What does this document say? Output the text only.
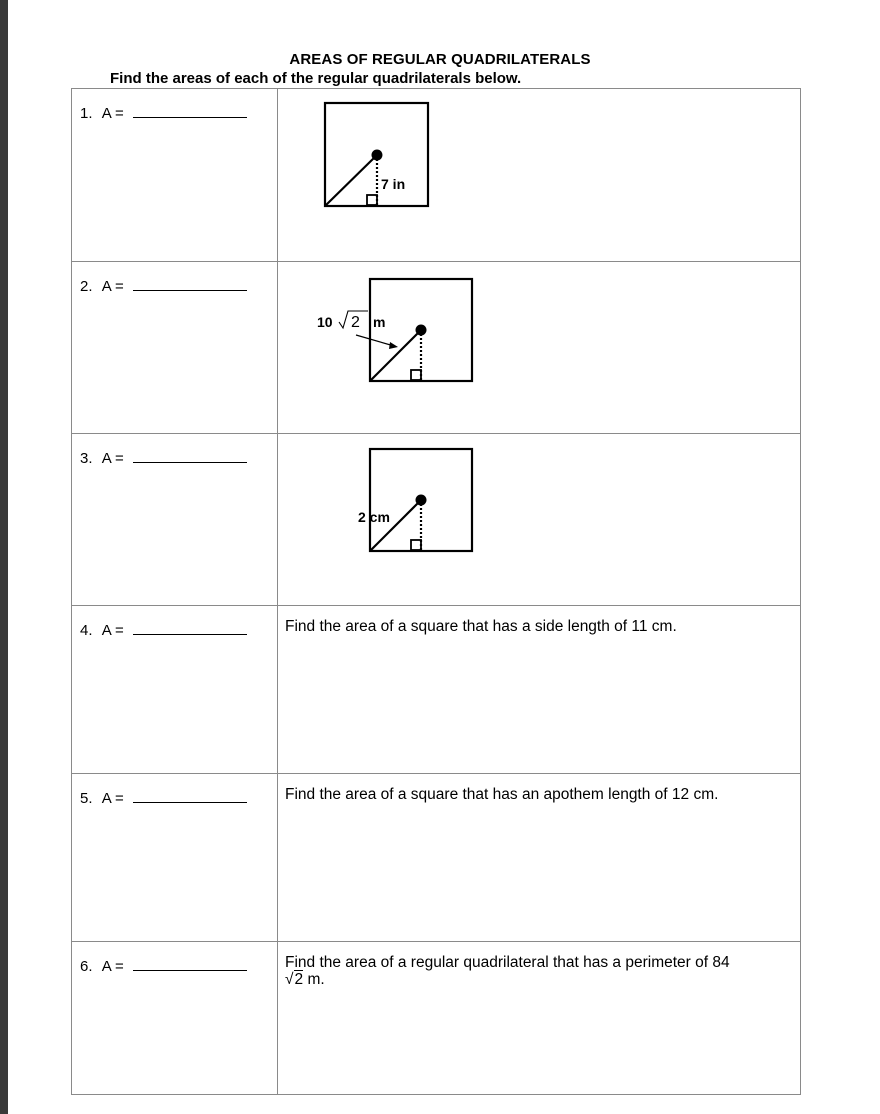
AREAS OF REGULAR QUADRILATERALS
Find the areas of each of the regular quadrilaterals below.
1. A =	7 in

2. A =	10 2 m

3. A =	2 cm

4. A =	Find the area of a square that has a side length of 11 cm.

5. A =	Find the area of a square that has an apothem length of 12 cm.

6. A =	Find the area of a regular quadrilateral that has a perimeter of 84
√2 m.
